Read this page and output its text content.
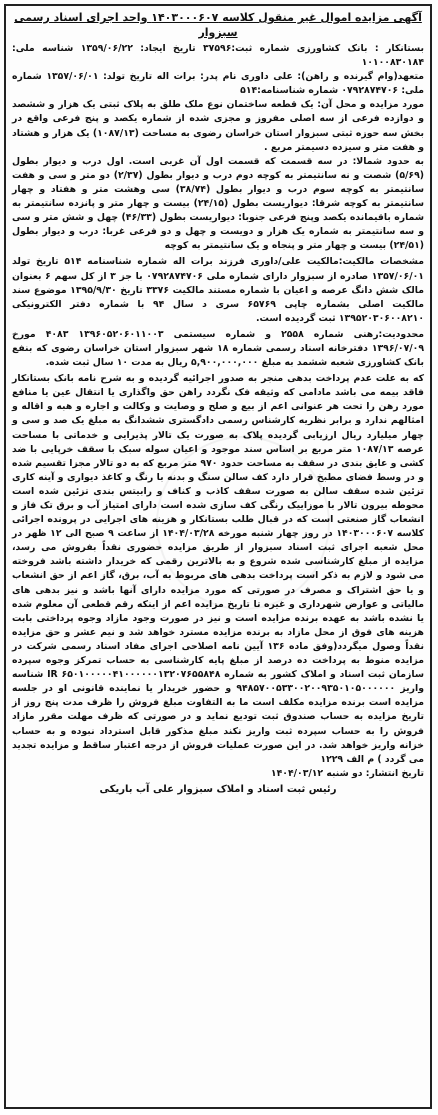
آگهی مزایده اموال غیر منقول کلاسه ۱۴۰۳۰۰۰۶۰۷ واحد اجرای اسناد رسمی سبزوار

بستانکار : بانک کشاورزی شماره ثبت:۳۷۵۹۶ تاریخ ایجاد: ۱۳۵۹/۰۶/۲۲ شناسه ملی: ۱۰۱۰۰۸۳۰۱۸۴

متعهد(وام گیرنده و راهن): علی داوری نام پدر: برات اله تاریخ تولد: ۱۳۵۷/۰۶/۰۱ شماره ملی: ۰۷۹۲۸۷۴۷۰۶ شماره شناسنامه:۵۱۴

مورد مزایده و محل آن: یک قطعه ساختمان نوع ملک طلق به پلاک ثبتی یک هزار و ششصد و دوازده فرعی از سه اصلی مفروز و مجزی شده از شماره یکصد و پنج فرعی واقع در بخش سه حوزه ثبتی سبزوار استان خراسان رضوی به مساحت (۱۰۸۷/۱۳) یک هزار و هشتاد و هفت متر و سیزده دسیمتر مربع .

به حدود شمالا: در سه قسمت که قسمت اول آن غربی است. اول درب و دیوار بطول (۵/۶۹) شصت و نه سانتیمتر به کوچه دوم درب و دیوار بطول (۲/۳۷) دو متر و سی و هفت سانتیمتر به کوچه سوم درب و دیوار بطول (۳۸/۷۴) سی وهشت متر و هفتاد و چهار سانتیمتر به کوچه شرقا: دیواریست بطول (۲۴/۱۵) بیست و چهار متر و پانزده سانتیمتر به شماره باقیمانده یکصد وپنج فرعی جنوبا: دیواریست بطول (۴۶/۳۳) چهل و شش متر و سی و سه سانتیمتر به شماره یک هزار و دویست و چهل و دو فرعی غربا: درب و دیوار بطول (۲۴/۵۱) بیست و چهار متر و پنجاه و یک سانتیمتر به کوچه

مشخصات مالکیت:مالکیت علی/داوری فرزند برات اله شماره شناسنامه ۵۱۴ تاریخ تولد ۱۳۵۷/۰۶/۰۱ صادره از سبزوار دارای شماره ملی ۰۷۹۲۸۷۴۷۰۶ با جز ۳ از کل سهم ۶ بعنوان مالک شش دانگ عرصه و اعیان با شماره مستند مالکیت ۳۳۷۶ تاریخ ۱۳۹۵/۹/۳۰ موضوع سند مالکیت اصلی بشماره چاپی ۶۵۷۶۹ سری د سال ۹۴ با شماره دفتر الکترونیکی ۱۳۹۵۲۰۳۰۶۰۰۸۲۱۰ ثبت گردیده است.

محدودیت:رهنی شماره ۲۵۵۸ و شماره سیستمی ۱۳۹۶۰۵۲۰۶۰۱۱۰۰۳ ۴۰۸۳ مورخ ۱۳۹۶/۰۷/۰۹ دفترخانه اسناد رسمی شماره ۱۸ شهر سبزوار استان خراسان رضوی که بنفع بانک کشاورزی شعبه ششمد به مبلغ ۵,۹۰۰,۰۰۰,۰۰۰ ریال به مدت ۱۰ سال ثبت شده.

که به علت عدم پرداخت بدهی منجر به صدور اجرائیه گردیده و به شرح نامه بانک بستانکار فاقد بیمه می باشد مادامی که وثیقه فک نگردد راهن حق واگذاری یا انتقال عین یا منافع مورد رهن را تحت هر عنوانی اعم از بیع و صلح و وصایت و وکالت و اجاره و هبه و اقاله و امثالهم ندارد و برابر نظریه کارشناس رسمی دادگستری ششدانگ به مبلغ یک صد و سی و چهار میلیارد ریال ارزیابی گردیده پلاک به صورت یک تالار پذیرایی و خدماتی با مساحت عرصه ۱۰۸۷/۱۳ متر مربع بر اساس سند موجود و اعیان سوله سبک با سقف خرپایی با ضد کشی و عایق بندی در سقف به مساحت حدود ۹۷۰ متر مربع که به دو تالار مجزا تقسیم شده و در وسط فضای مطبخ قرار دارد کف سالن سنگ و بدنه با رنگ و کاغذ دیواری و آینه کاری تزئین شده سقف سالن به صورت سقف کاذب و کناف و رابیتس بندی تزئین شده است محوطه بیرون تالار با موزاییک رنگی کف سازی شده است دارای امتیاز آب و برق تک فاز و انشعاب گاز صنعتی است که در قبال طلب بستانکار و هزینه های اجرایی در پرونده اجرائی کلاسه ۱۴۰۳۰۰۰۶۰۷ در روز چهار شنبه مورخه ۱۴۰۴/۰۳/۲۸ از ساعت ۹ صبح الی ۱۲ ظهر در محل شعبه اجرای ثبت اسناد سبزوار از طریق مزایده حضوری نقداً بفروش می رسد، مزایده از مبلغ کارشناسی شده شروع و به بالاترین رقمی که خریدار داشته باشد فروخته می شود و لازم به ذکر است پرداخت بدهی های مربوط به آب، برق، گاز اعم از حق انشعاب و یا حق اشتراک و مصرف در صورتی که مورد مزایده دارای آنها باشد و نیز بدهی های مالیاتی و عوارض شهرداری و غیره تا تاریخ مزایده اعم از اینکه رقم قطعی آن معلوم شده یا نشده باشد به عهده برنده مزایده است و نیز در صورت وجود مازاد وجوه پرداختی بابت هزینه های فوق از محل مازاد به برنده مزایده مسترد خواهد شد و نیم عشر و حق مزایده نقداً وصول میگردد(وفق ماده ۱۳۶ آیین نامه اصلاحی اجرای مفاد اسناد رسمی شرکت در مزایده منوط به پرداخت ده درصد از مبلغ پایه کارشناسی به حساب تمرکز وجوه سپرده سازمان ثبت اسناد و املاک کشور به شماره IR ۶۵۰۱۰۰۰۰۰۴۱۰۰۰۰۰۰۱۳۲۰۷۶۵۵۸۴۸ شناسه واریز ۹۴۸۵۷۰۰۵۳۳۰۰۲۰۰۹۳۵۰۱۰۵۰۰۰۰۰۰ و حضور خریدار یا نماینده قانونی او در جلسه مزایده است برنده مزایده مکلف است ما به التفاوت مبلغ فروش را ظرف مدت پنج روز از تاریخ مزایده به حساب صندوق ثبت تودیع نماید و در صورتی که ظرف مهلت مقرر مازاد فروش را به حساب سپرده ثبت واریز نکند مبلغ مذکور قابل استرداد نبوده و به حساب خزانه واریز خواهد شد. در این صورت عملیات فروش از درجه اعتبار ساقط و مزایده تجدید می گردد ) م الف ۱۲۲۹

تاریخ انتشار: دو شنبه ۱۴۰۴/۰۳/۱۲

رئیس ثبت اسناد و املاک سبزوار علی آب باریکی
